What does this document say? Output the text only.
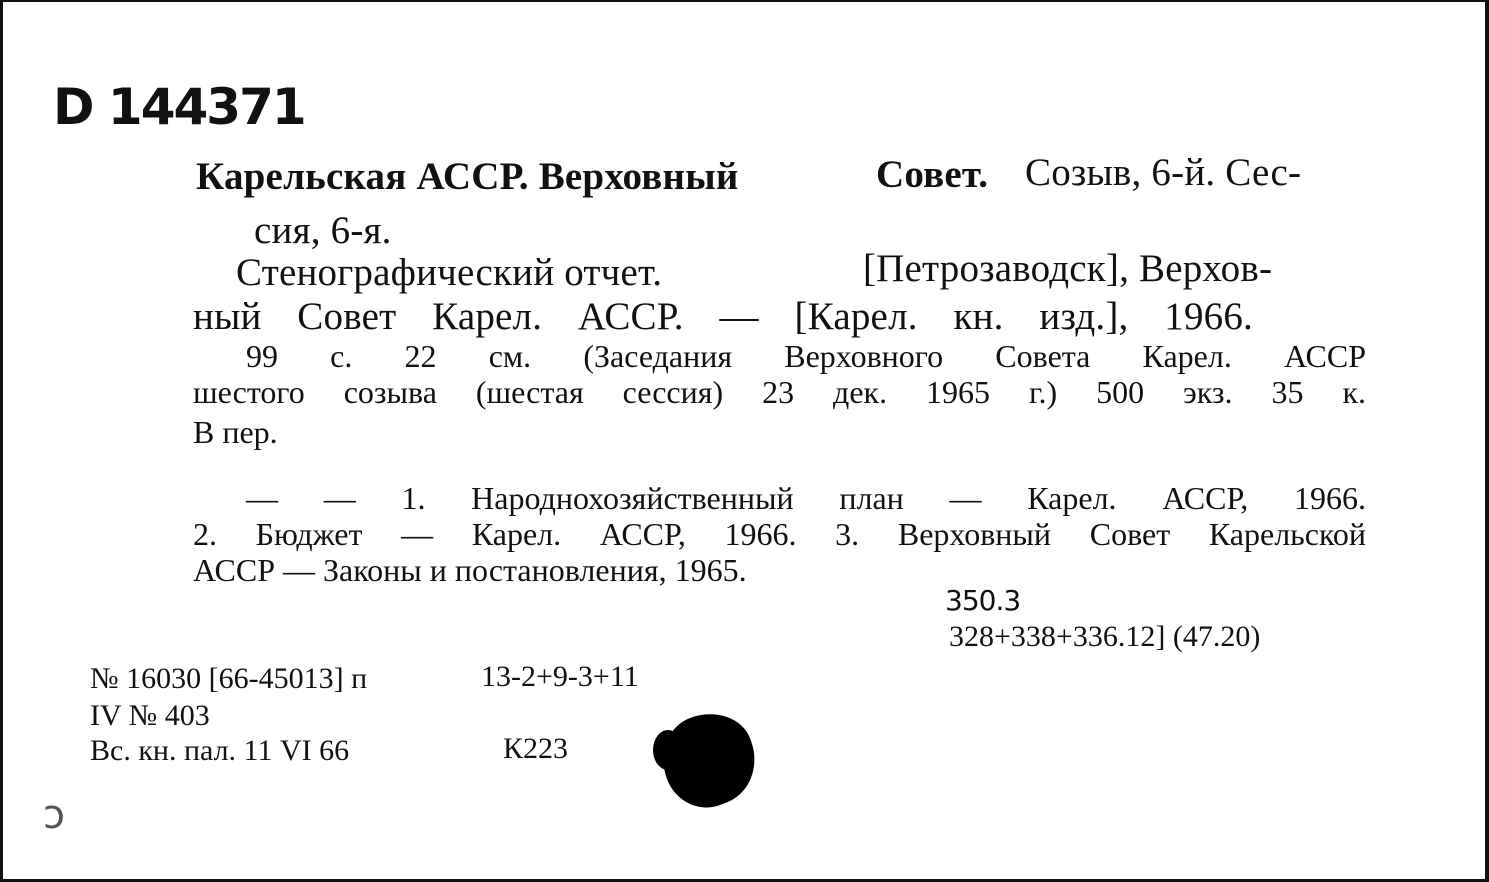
D 144371
Карельская АССР. Верховный	Совет. Созыв, 6-й. Сес-
сия, 6-я.
Стенографический отчет.	[Петрозаводск], Верхов-
ный Совет Карел. АССР. — [Карел. кн. изд.], 1966.
99 с. 22 см. (Заседания Верховного Совета Карел. АССР
шестого созыва (шестая сессия) 23 дек. 1965 г.) 500 экз. 35 к.
В пер.
— — 1. Народнохозяйственный план — Карел. АССР, 1966.
2. Бюджет — Карел. АССР, 1966. 3. Верховный Совет Карельской
АССР — Законы и постановления, 1965.
350.3
328+338+336.12] (47.20)
№ 16030 [66-45013] п	13-2+9-3+11
IV № 403
Вс. кн. пал. 11 VI 66	К223
ↄ
